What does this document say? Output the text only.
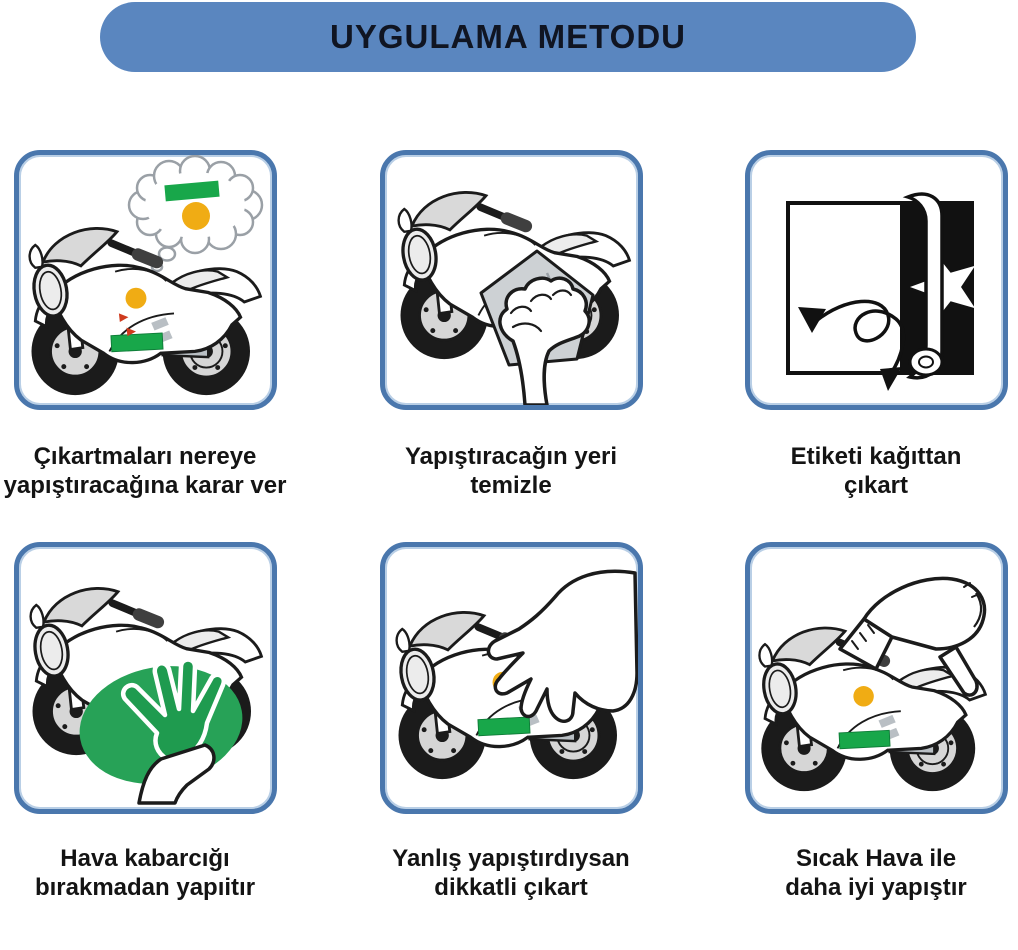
UYGULAMA METODU
Çıkartmaları nereye
yapıştıracağına karar ver
Yapıştıracağın yeri
temizle
Etiketi kağıttan
çıkart
Hava kabarcığı
bırakmadan yapıitır
Yanlış yapıştırdıysan
dikkatli çıkart
Sıcak Hava ile
daha iyi yapıştır
